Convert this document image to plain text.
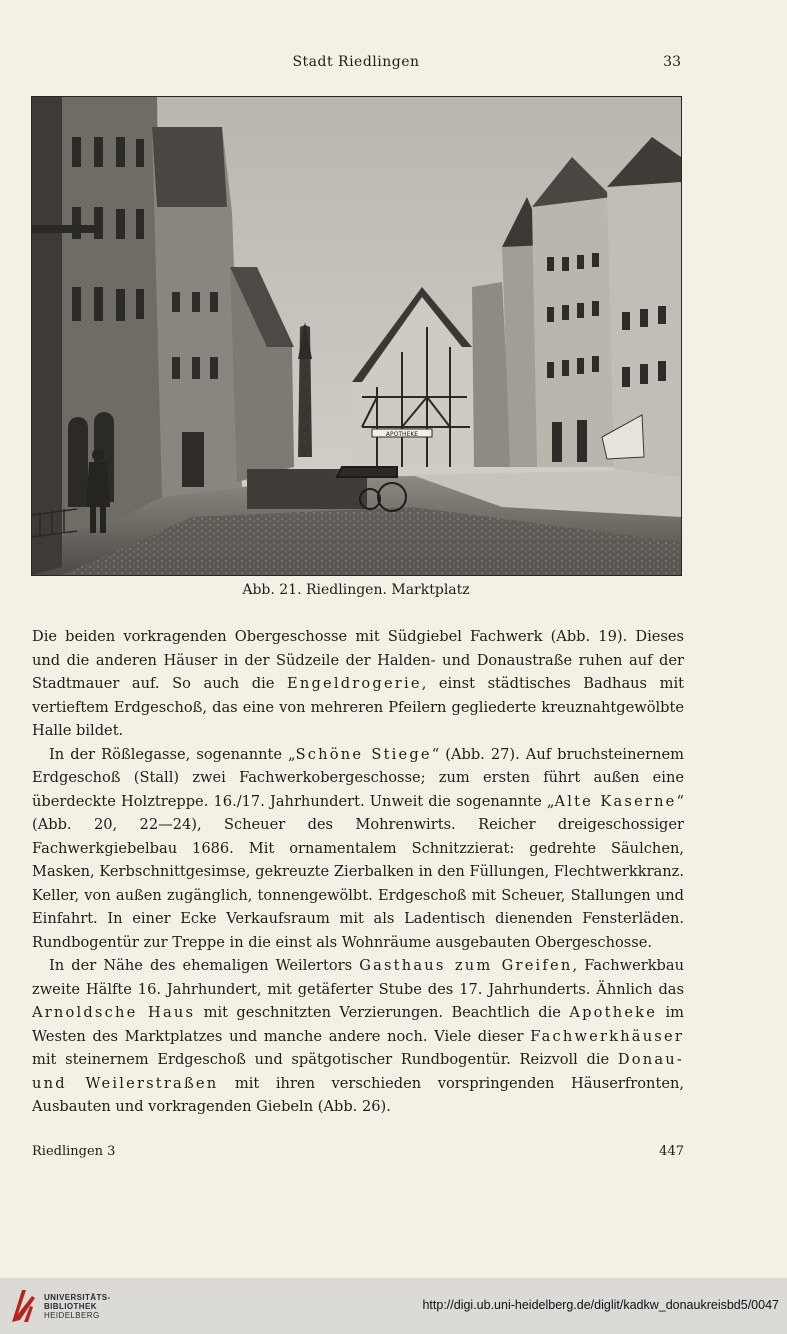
Stadt Riedlingen	33
APOTHEKE
Abb. 21. Riedlingen. Marktplatz

Die beiden vorkragenden Obergeschosse mit Südgiebel Fachwerk (Abb. 19). Dieses und die anderen Häuser in der Südzeile der Halden- und Donaustraße ruhen auf der Stadtmauer auf. So auch die Engeldrogerie, einst städtisches Badhaus mit vertieftem Erdgeschoß, das eine von mehreren Pfeilern gegliederte kreuznahtgewölbte Halle bildet.

In der Rößlegasse, sogenannte „Schöne Stiege“ (Abb. 27). Auf bruchsteinernem Erdgeschoß (Stall) zwei Fachwerkobergeschosse; zum ersten führt außen eine überdeckte Holztreppe. 16./17. Jahrhundert. Unweit die sogenannte „Alte Kaserne“ (Abb. 20, 22—24), Scheuer des Mohrenwirts. Reicher dreigeschossiger Fachwerkgiebelbau 1686. Mit ornamentalem Schnitzzierat: gedrehte Säulchen, Masken, Kerbschnittgesimse, gekreuzte Zierbalken in den Füllungen, Flechtwerkkranz. Keller, von außen zugänglich, tonnengewölbt. Erdgeschoß mit Scheuer, Stallungen und Einfahrt. In einer Ecke Verkaufsraum mit als Ladentisch dienenden Fensterläden. Rundbogentür zur Treppe in die einst als Wohnräume ausgebauten Obergeschosse.

In der Nähe des ehemaligen Weilertors Gasthaus zum Greifen, Fachwerkbau zweite Hälfte 16. Jahrhundert, mit getäferter Stube des 17. Jahrhunderts. Ähnlich das Arnoldsche Haus mit geschnitzten Verzierungen. Beachtlich die Apotheke im Westen des Marktplatzes und manche andere noch. Viele dieser Fachwerkhäuser mit steinernem Erdgeschoß und spätgotischer Rundbogentür. Reizvoll die Donau- und Weilerstraßen mit ihren verschieden vorspringenden Häuserfronten, Ausbauten und vorkragenden Giebeln (Abb. 26).

Riedlingen 3	447
UNIVERSITÄTS-
BIBLIOTHEK
HEIDELBERG
http://digi.ub.uni-heidelberg.de/diglit/kadkw_donaukreisbd5/0047
